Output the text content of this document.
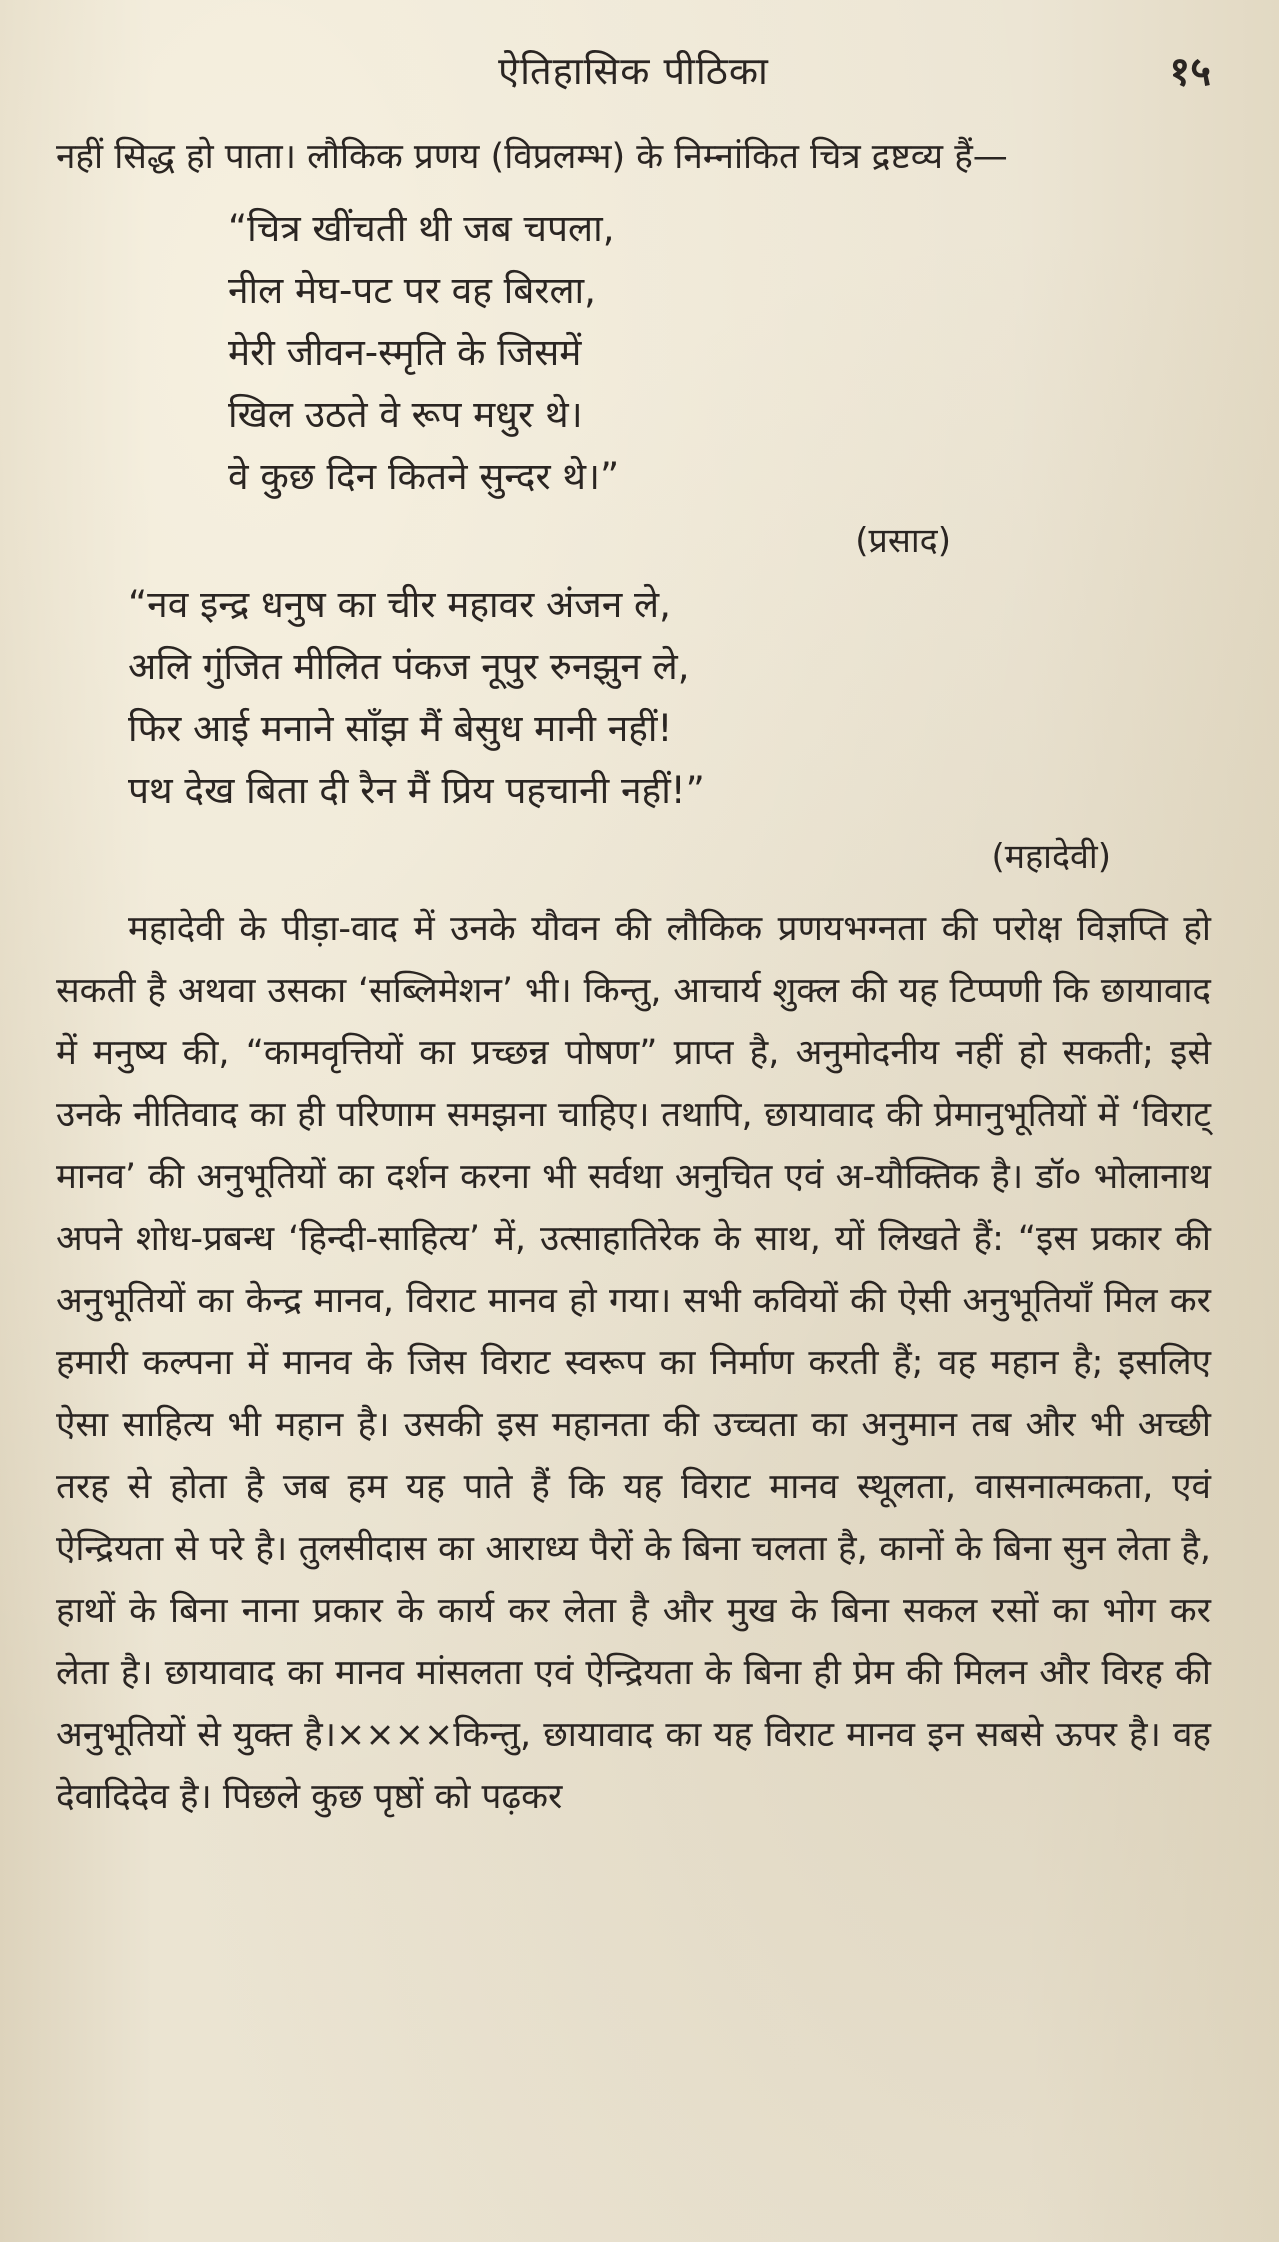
ऐतिहासिक पीठिका	१५

नहीं सिद्ध हो पाता। लौकिक प्रणय (विप्रलम्भ) के निम्नांकित चित्र द्रष्टव्य हैं—

“चित्र खींचती थी जब चपला,
नील मेघ-पट पर वह बिरला,
मेरी जीवन-स्मृति के जिसमें
खिल उठते वे रूप मधुर थे।
वे कुछ दिन कितने सुन्दर थे।”

(प्रसाद)

“नव इन्द्र धनुष का चीर महावर अंजन ले,
अलि गुंजित मीलित पंकज नूपुर रुनझुन ले,
फिर आई मनाने साँझ मैं बेसुध मानी नहीं!
पथ देख बिता दी रैन मैं प्रिय पहचानी नहीं!”

(महादेवी)

महादेवी के पीड़ा-वाद में उनके यौवन की लौकिक प्रणयभग्नता की परोक्ष विज्ञप्ति हो सकती है अथवा उसका ‘सब्लिमेशन’ भी। किन्तु, आचार्य शुक्ल की यह टिप्पणी कि छायावाद में मनुष्य की, “कामवृत्तियों का प्रच्छन्न पोषण” प्राप्त है, अनुमोदनीय नहीं हो सकती; इसे उनके नीतिवाद का ही परिणाम समझना चाहिए। तथापि, छायावाद की प्रेमानुभूतियों में ‘विराट् मानव’ की अनुभूतियों का दर्शन करना भी सर्वथा अनुचित एवं अ-यौक्तिक है। डॉ० भोलानाथ अपने शोध-प्रबन्ध ‘हिन्दी-साहित्य’ में, उत्साहातिरेक के साथ, यों लिखते हैं: “इस प्रकार की अनुभूतियों का केन्द्र मानव, विराट मानव हो गया। सभी कवियों की ऐसी अनुभूतियाँ मिल कर हमारी कल्पना में मानव के जिस विराट स्वरूप का निर्माण करती हैं; वह महान है; इसलिए ऐसा साहित्य भी महान है। उसकी इस महानता की उच्चता का अनुमान तब और भी अच्छी तरह से होता है जब हम यह पाते हैं कि यह विराट मानव स्थूलता, वासनात्मकता, एवं ऐन्द्रियता से परे है। तुलसीदास का आराध्य पैरों के बिना चलता है, कानों के बिना सुन लेता है, हाथों के बिना नाना प्रकार के कार्य कर लेता है और मुख के बिना सकल रसों का भोग कर लेता है। छायावाद का मानव मांसलता एवं ऐन्द्रियता के बिना ही प्रेम की मिलन और विरह की अनुभूतियों से युक्त है।××××किन्तु, छायावाद का यह विराट मानव इन सबसे ऊपर है। वह देवादिदेव है। पिछले कुछ पृष्ठों को पढ़कर
